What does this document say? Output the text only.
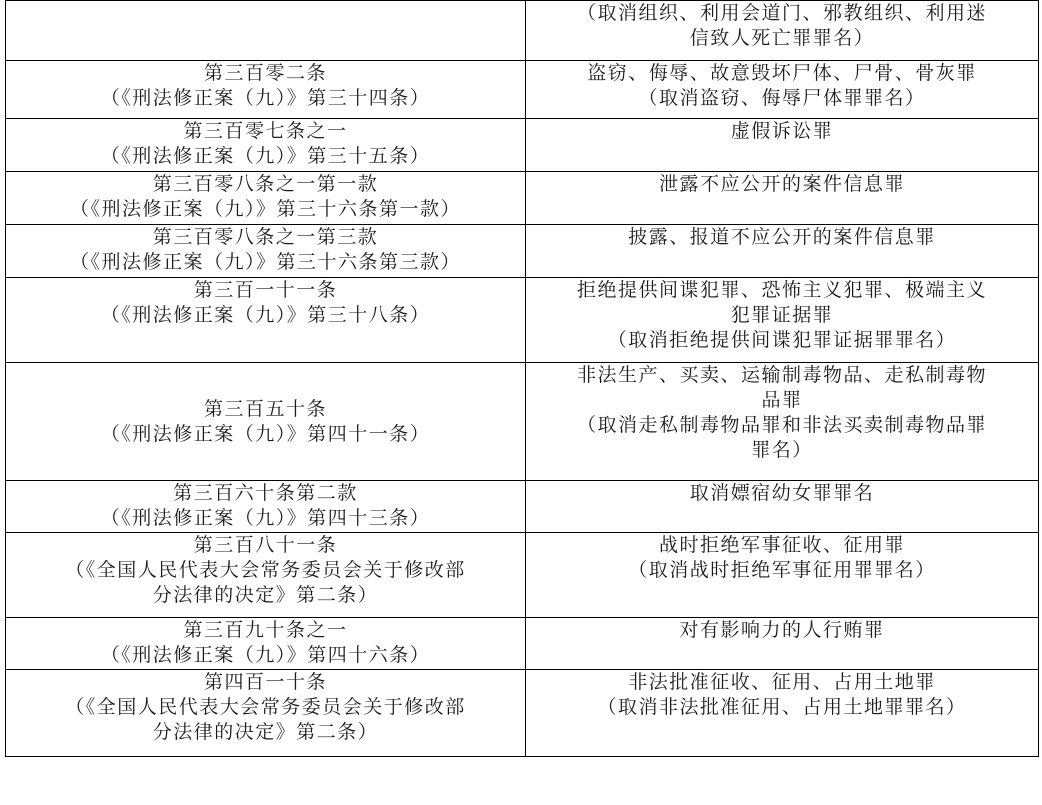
	（取消组织、利用会道门、邪教组织、利用迷
信致人死亡罪罪名）

第三百零二条
（《刑法修正案（九）》第三十四条）	盗窃、侮辱、故意毁坏尸体、尸骨、骨灰罪
（取消盗窃、侮辱尸体罪罪名）

第三百零七条之一
（《刑法修正案（九）》第三十五条）	虚假诉讼罪

第三百零八条之一第一款
（《刑法修正案（九）》第三十六条第一款）	泄露不应公开的案件信息罪

第三百零八条之一第三款
（《刑法修正案（九）》第三十六条第三款）	披露、报道不应公开的案件信息罪

第三百一十一条
（《刑法修正案（九）》第三十八条）	拒绝提供间谍犯罪、恐怖主义犯罪、极端主义
犯罪证据罪
（取消拒绝提供间谍犯罪证据罪罪名）

第三百五十条
（《刑法修正案（九）》第四十一条）	非法生产、买卖、运输制毒物品、走私制毒物
品罪
（取消走私制毒物品罪和非法买卖制毒物品罪
罪名）

第三百六十条第二款
（《刑法修正案（九）》第四十三条）	取消嫖宿幼女罪罪名

第三百八十一条
（《全国人民代表大会常务委员会关于修改部
分法律的决定》第二条）	战时拒绝军事征收、征用罪
（取消战时拒绝军事征用罪罪名）

第三百九十条之一
（《刑法修正案（九）》第四十六条）	对有影响力的人行贿罪

第四百一十条
（《全国人民代表大会常务委员会关于修改部
分法律的决定》第二条）	非法批准征收、征用、占用土地罪
（取消非法批准征用、占用土地罪罪名）
